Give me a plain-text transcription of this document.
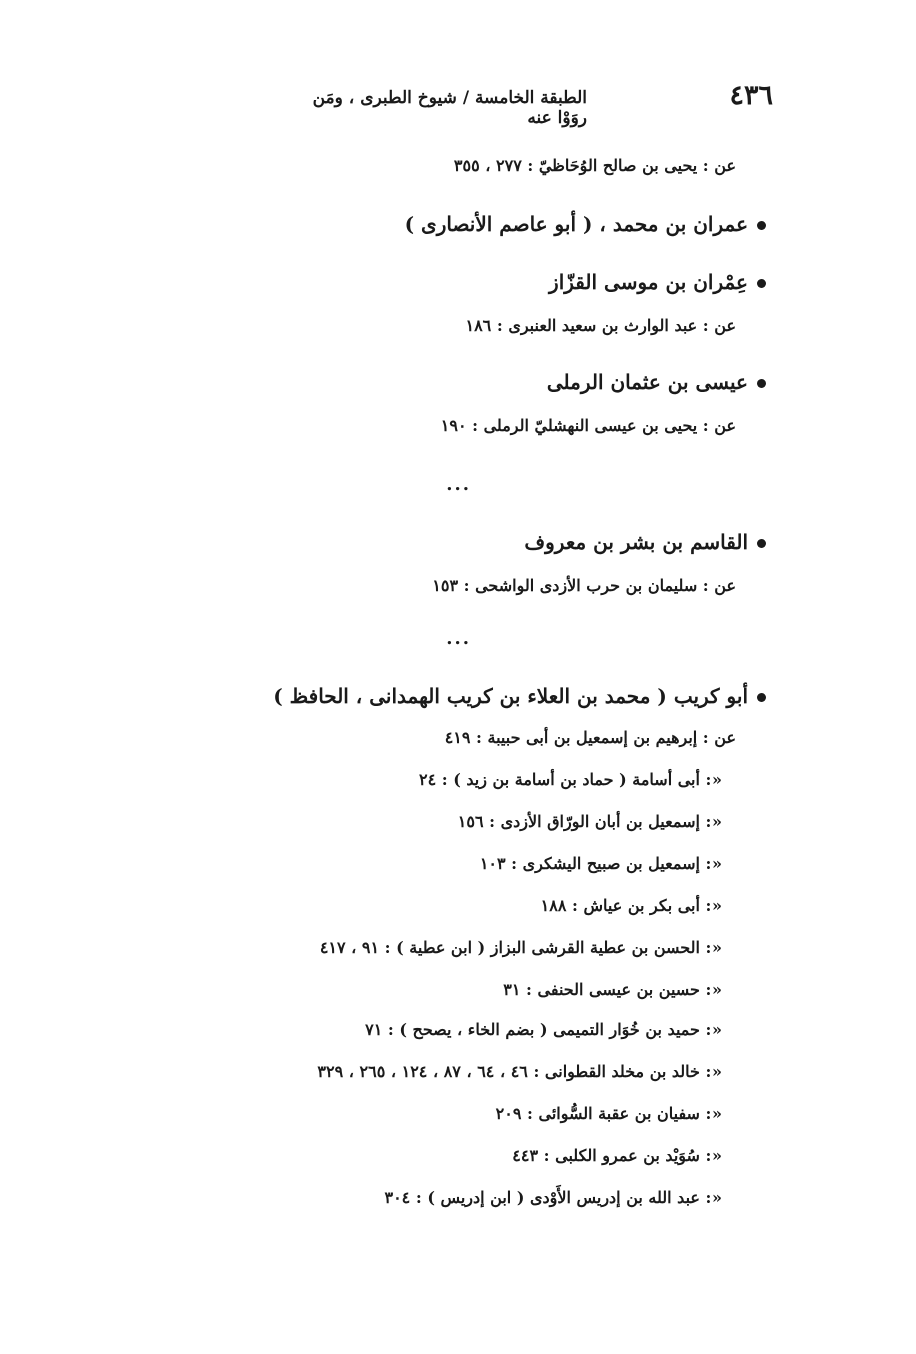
٤٣٦
الطبقة الخامسة / شيوخ الطبرى ، ومَن روَوْا عنه
عن : يحيى بن صالح الوُحَاظيّ : ٢٧٧ ، ٣٥٥
عمران بن محمد ، ( أبو عاصم الأنصارى )
عِمْران بن موسى القزّاز
عن : عبد الوارث بن سعيد العنبرى : ١٨٦
عيسى بن عثمان الرملى
عن : يحيى بن عيسى النهشليّ الرملى : ١٩٠
...
القاسم بن بشر بن معروف
عن : سليمان بن حرب الأزدى الواشحى : ١٥٣
...
أبو كريب ( محمد بن العلاء بن كريب الهمدانى ، الحافظ )
عن : إبرهيم بن إسمعيل بن أبى حبيبة : ٤١٩
« : أبى أسامة ( حماد بن أسامة بن زيد ) : ٢٤
« : إسمعيل بن أبان الورّاق الأزدى : ١٥٦
« : إسمعيل بن صبيح اليشكرى : ١٠٣
« : أبى بكر بن عياش : ١٨٨
« : الحسن بن عطية القرشى البزاز ( ابن عطية ) : ٩١ ، ٤١٧
« : حسين بن عيسى الحنفى : ٣١
« : حميد بن خُوَار التميمى ( بضم الخاء ، يصحح ) : ٧١
« : خالد بن مخلد القطوانى : ٤٦ ، ٦٤ ، ٨٧ ، ١٢٤ ، ٢٦٥ ، ٣٢٩
« : سفيان بن عقبة السُّوائى : ٢٠٩
« : سُوَيْد بن عمرو الكلبى : ٤٤٣
« : عبد الله بن إدريس الأَوْدى ( ابن إدريس ) : ٣٠٤
